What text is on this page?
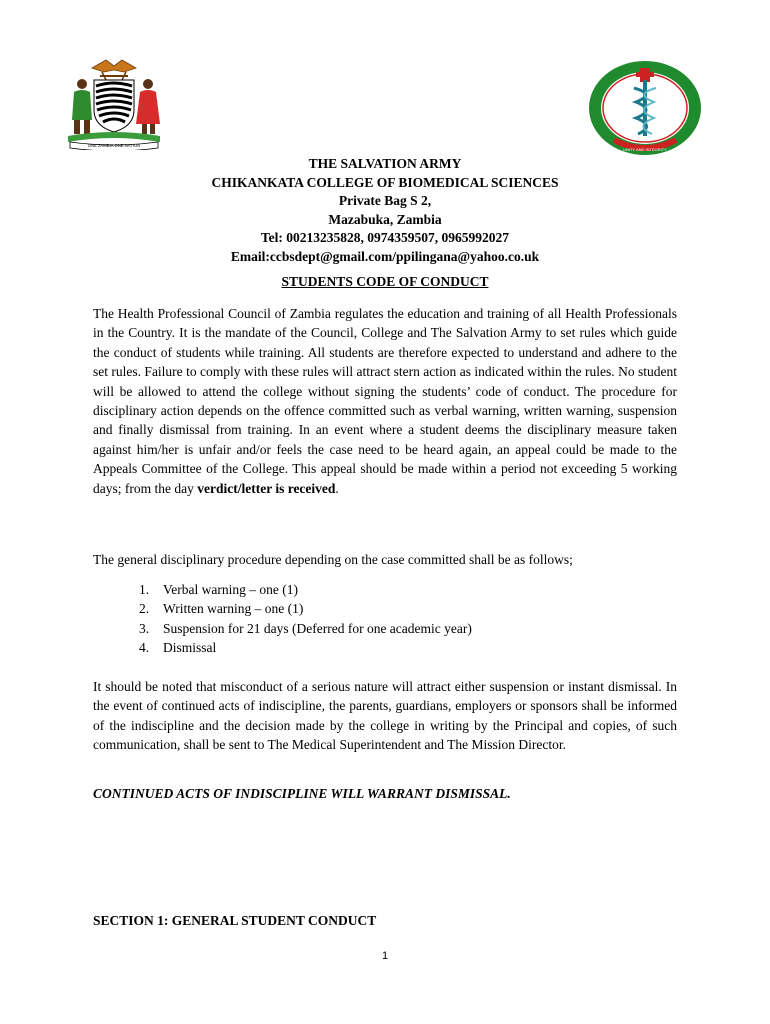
ONE ZAMBIA ONE NATION
UNITY AND INTEGRITY
THE SALVATION ARMY
CHIKANKATA COLLEGE OF BIOMEDICAL SCIENCES
Private Bag S 2,
Mazabuka, Zambia
Tel: 00213235828, 0974359507, 0965992027
Email:ccbsdept@gmail.com/ppilingana@yahoo.co.uk
STUDENTS CODE OF CONDUCT
The Health Professional Council of Zambia regulates the education and training of all Health Professionals in the Country. It is the mandate of the Council, College and The Salvation Army to set rules which guide the conduct of students while training. All students are therefore expected to understand and adhere to the set rules. Failure to comply with these rules will attract stern action as indicated within the rules. No student will be allowed to attend the college without signing the students’ code of conduct. The procedure for disciplinary action depends on the offence committed such as verbal warning, written warning, suspension and finally dismissal from training. In an event where a student deems the disciplinary measure taken against him/her is unfair and/or feels the case need to be heard again, an appeal could be made to the Appeals Committee of the College. This appeal should be made within a period not exceeding 5 working days; from the day verdict/letter is received.
The general disciplinary procedure depending on the case committed shall be as follows;
1. Verbal warning – one (1)
2. Written warning – one (1)
3. Suspension for 21 days (Deferred for one academic year)
4. Dismissal
It should be noted that misconduct of a serious nature will attract either suspension or instant dismissal. In the event of continued acts of indiscipline, the parents, guardians, employers or sponsors shall be informed of the indiscipline and the decision made by the college in writing by the Principal and copies, of such communication, shall be sent to The Medical Superintendent and The Mission Director.
CONTINUED ACTS OF INDISCIPLINE WILL WARRANT DISMISSAL.
SECTION 1: GENERAL STUDENT CONDUCT
1
